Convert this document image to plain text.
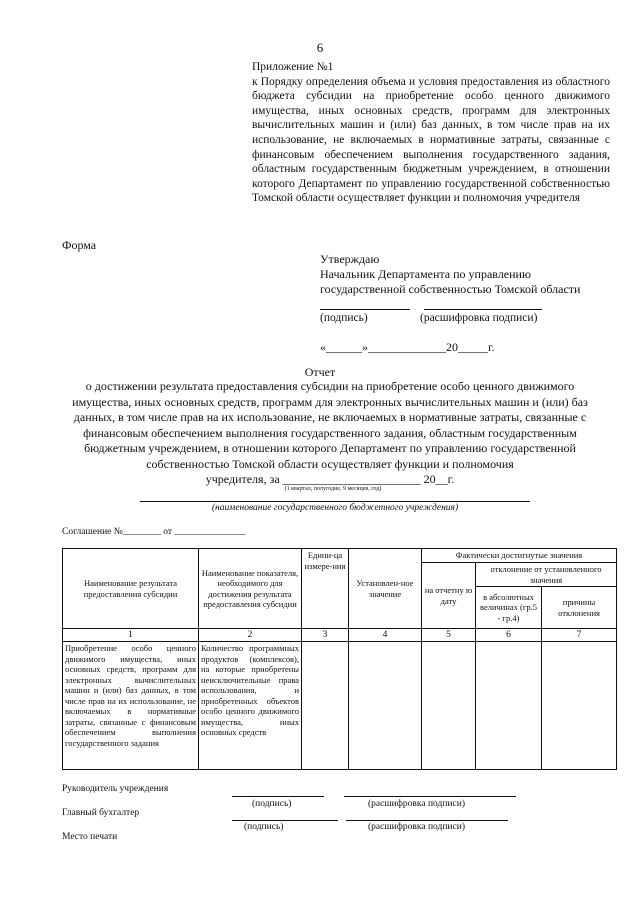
6
Приложение №1
к Порядку определения объема и условия предоставления из областного бюджета субсидии на приобретение особо ценного движимого имущества, иных основных средств, программ для электронных вычислительных машин и (или) баз данных, в том числе прав на их использование, не включаемых в нормативные затраты, связанные с финансовым обеспечением выполнения государственного задания, областным государственным бюджетным учреждением, в отношении которого Департамент по управлению государственной собственностью Томской области осуществляет функции и полномочия учредителя
Форма
Утверждаю
Начальник Департамента по управлению
государственной собственностью Томской области
(подпись)	(расшифровка подписи)
«______»_____________20_____г.
Отчет
о достижении результата предоставления субсидии на приобретение особо ценного движимого имущества, иных основных средств, программ для электронных вычислительных машин и (или) баз данных, в том числе прав на их использование, не включаемых в нормативные затраты, связанные с финансовым обеспечением выполнения государственного задания, областным государственным бюджетным учреждением, в отношении которого Департамент по управлению государственной собственностью Томской области осуществляет функции и полномочия
учредителя, за _______________________
(1 квартал, полугодие, 9 месяцев, год)
20__г.
(наименование государственного бюджетного учреждения)
Соглашение №________ от _______________
Наименование результата предоставления субсидии	Наименование показателя, необходимого для достижения результата предоставления субсидии	Едини-ца измере-ния	Установлен-ное значение	Фактически достигнутые значения		
				на отчетну ю дату	отклонение от установленного значения	
					в абсолютных величинах (гр.5 - гр.4)	причины отклонения

1	2	3	4	5	6	7
Приобретение особо ценного движимого имущества, иных основных средств, программ для электронных вычислительных машин и (или) баз данных, в том числе прав на их использование, не включаемых в нормативные затраты, связанные с финансовым обеспечением выполнения государственного задания	Количество программных продуктов (комплексов), на которые приобретены неисключительные права использования, и приобретенных объектов особо ценного движимого имущества, иных основных средств					
Руководитель учреждения
(подпись)	(расшифровка подписи)
Главный бухгалтер
(подпись)	(расшифровка подписи)
Место печати
